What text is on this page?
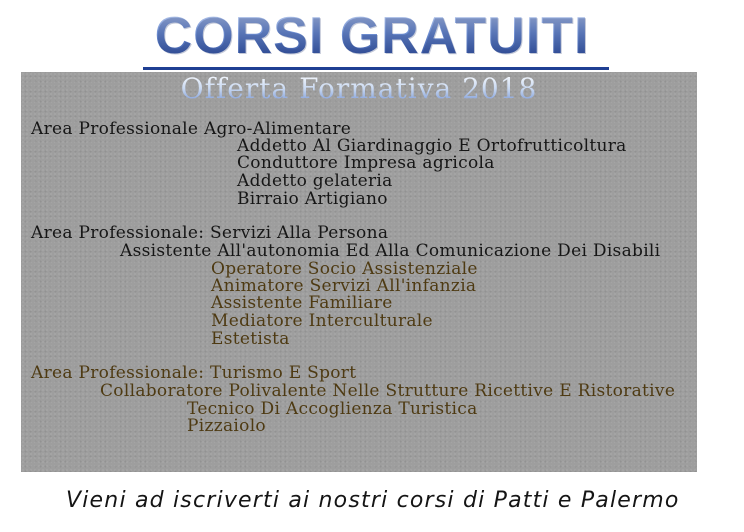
CORSI GRATUITI
Offerta Formativa 2018
Area Professionale Agro-Alimentare
Addetto Al Giardinaggio E Ortofrutticoltura
Conduttore Impresa agricola
Addetto gelateria
Birraio Artigiano
Area Professionale: Servizi Alla Persona
Assistente All'autonomia Ed Alla Comunicazione Dei Disabili
Operatore Socio Assistenziale
Animatore Servizi All'infanzia
Assistente Familiare
Mediatore Interculturale
Estetista
Area Professionale: Turismo E Sport
Collaboratore Polivalente Nelle Strutture Ricettive E Ristorative
Tecnico Di Accoglienza Turistica
Pizzaiolo
Vieni ad iscriverti ai nostri corsi di Patti e Palermo
